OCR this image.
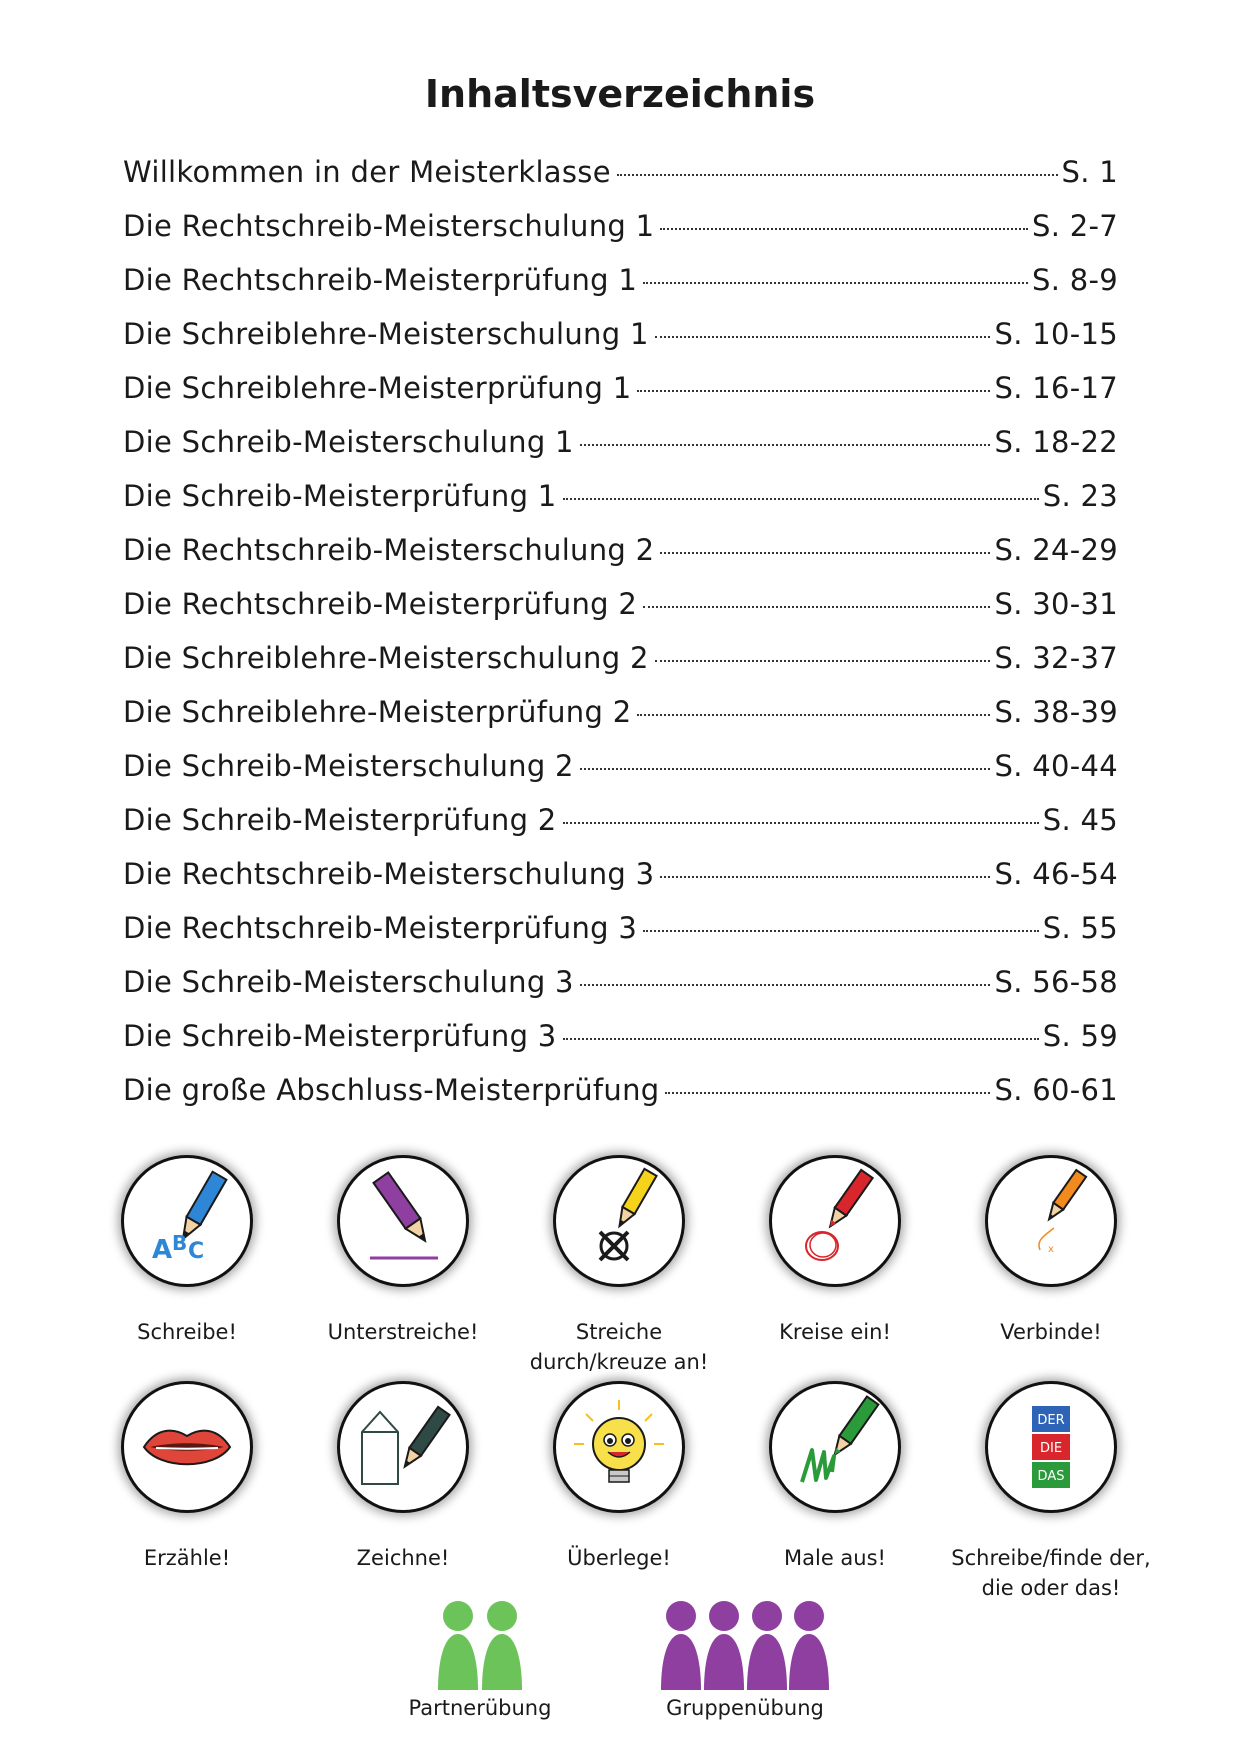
Inhaltsverzeichnis
Willkommen in der Meisterklasse	S. 1
Die Rechtschreib-Meisterschulung 1	S. 2-7
Die Rechtschreib-Meisterprüfung 1	S. 8-9
Die Schreiblehre-Meisterschulung 1	S. 10-15
Die Schreiblehre-Meisterprüfung 1	S. 16-17
Die Schreib-Meisterschulung 1	S. 18-22
Die Schreib-Meisterprüfung 1	S. 23
Die Rechtschreib-Meisterschulung 2	S. 24-29
Die Rechtschreib-Meisterprüfung 2	S. 30-31
Die Schreiblehre-Meisterschulung 2	S. 32-37
Die Schreiblehre-Meisterprüfung 2	S. 38-39
Die Schreib-Meisterschulung 2	S. 40-44
Die Schreib-Meisterprüfung 2	S. 45
Die Rechtschreib-Meisterschulung 3	S. 46-54
Die Rechtschreib-Meisterprüfung 3	S. 55
Die Schreib-Meisterschulung 3	S. 56-58
Die Schreib-Meisterprüfung 3	S. 59
Die große Abschluss-Meisterprüfung	S. 60-61
A B C
Schreibe!	Unterstreiche!	Streiche durch/kreuze an!
Kreise ein!
x
Verbinde!
Erzähle!	Zeichne!	Überlege!	Male aus!
DER
DIE
DAS
Schreibe/finde der, die oder das!
Partnerübung	Gruppenübung
